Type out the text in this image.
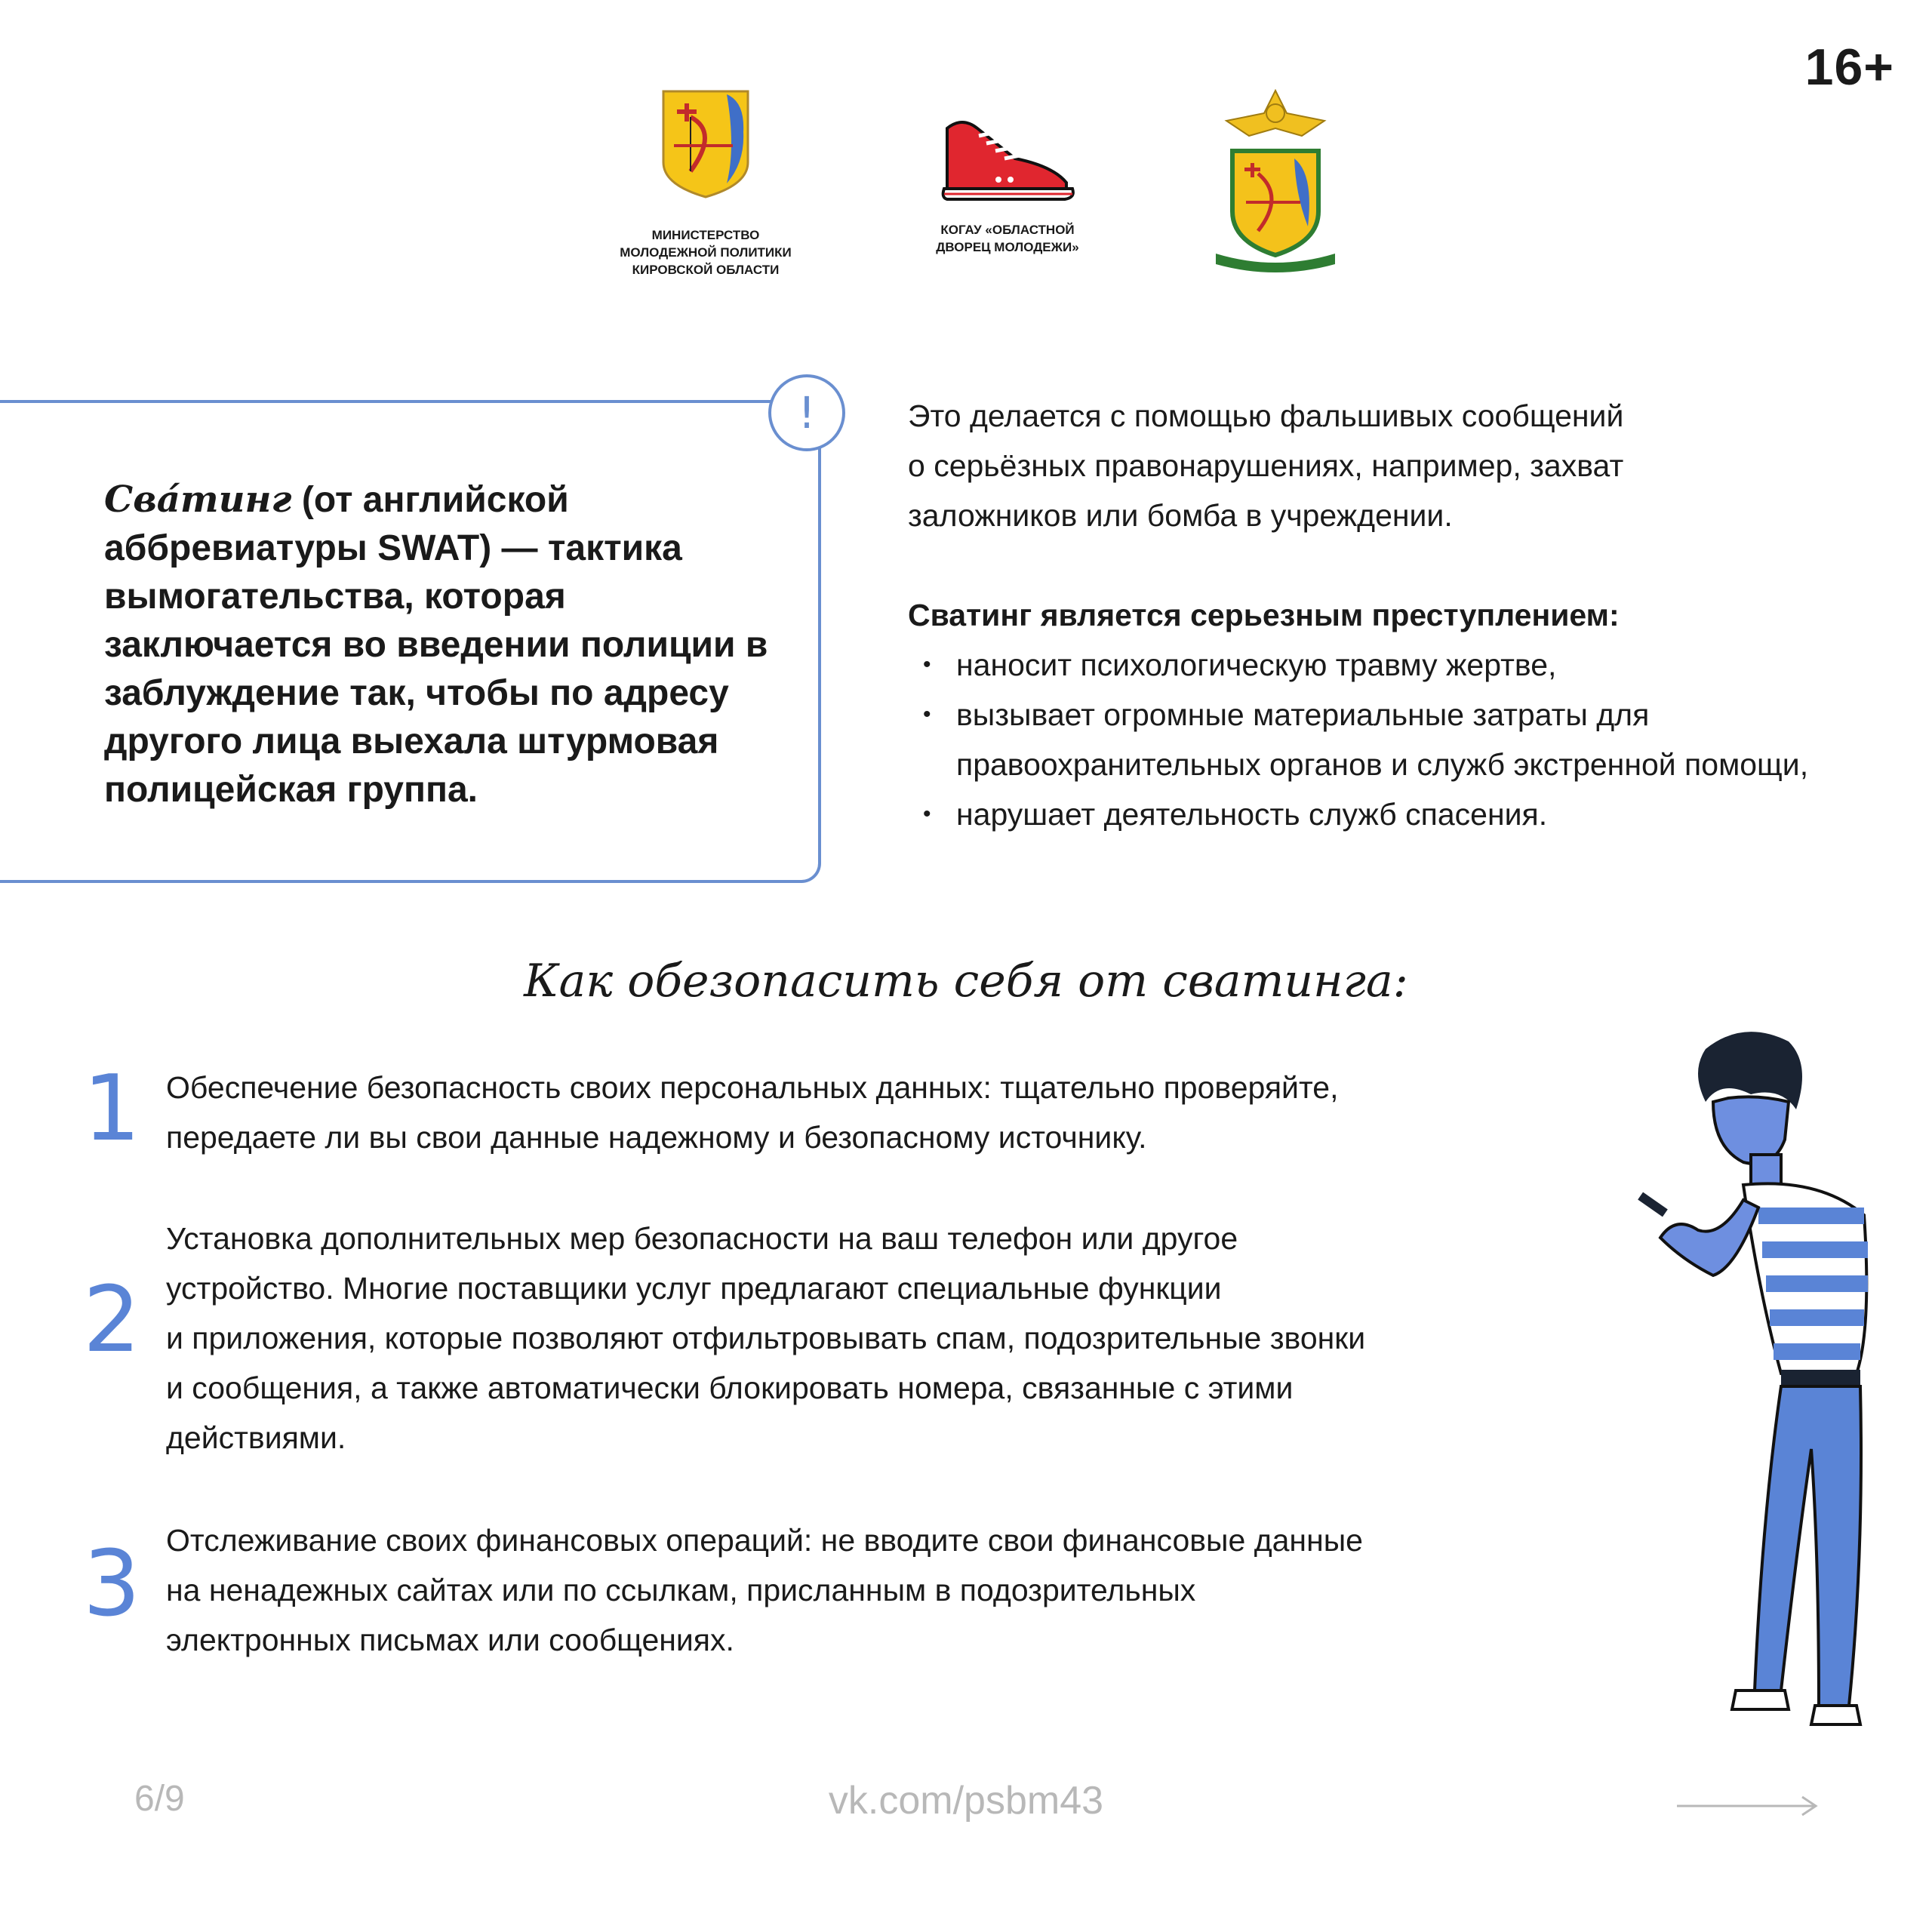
16+
МИНИСТЕРСТВО
МОЛОДЕЖНОЙ ПОЛИТИКИ
КИРОВСКОЙ ОБЛАСТИ
КОГАУ «ОБЛАСТНОЙ
ДВОРЕЦ МОЛОДЕЖИ»
!
Сва́тинг (от английской аббревиатуры SWAT) — тактика вымогательства, которая заключается во введении полиции в заблуждение так, чтобы по адресу другого лица выехала штурмовая полицейская группа.

Это делается с помощью фальшивых сообщений

о серьёзных правонарушениях, например, захват

заложников или бомба в учреждении.

Сватинг является серьезным преступлением:

• наносит психологическую травму жертве,
• вызывает огромные материальные затраты для правоохранительных органов и служб экстренной помощи,
• нарушает деятельность служб спасения.
Как обезопасить себя от сватинга:
1 Обеспечение безопасность своих персональных данных: тщательно проверяйте,
передаете ли вы свои данные надежному и безопасному источнику.
2
Установка дополнительных мер безопасности на ваш телефон или другое
устройство. Многие поставщики услуг предлагают специальные функции
и приложения, которые позволяют отфильтровывать спам, подозрительные звонки
и сообщения, а также автоматически блокировать номера, связанные с этими
действиями.
3 Отслеживание своих финансовых операций: не вводите свои финансовые данные
на ненадежных сайтах или по ссылкам, присланным в подозрительных
электронных письмах или сообщениях.
6/9	vk.com/psbm43
